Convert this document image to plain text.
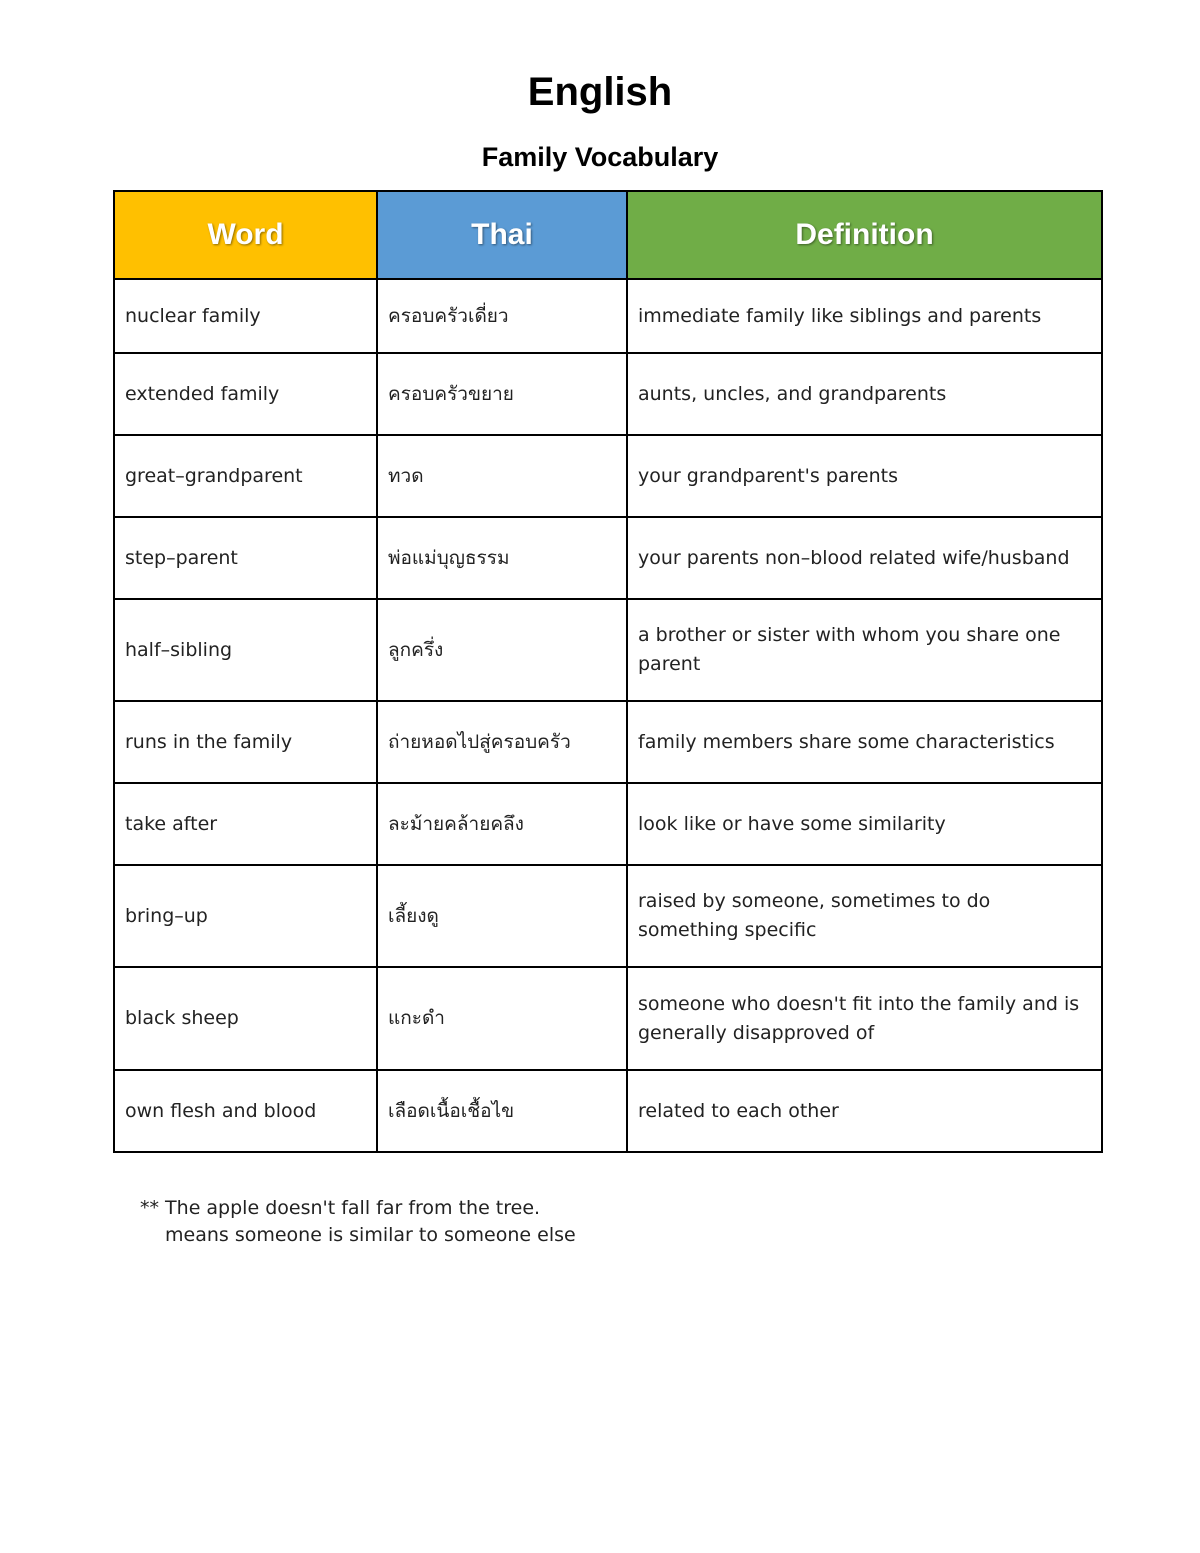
English
Family Vocabulary
Word	Thai	Definition
nuclear family	ครอบครัวเดี่ยว	immediate family like siblings and parents
extended family	ครอบครัวขยาย	aunts, uncles, and grandparents
great–grandparent	ทวด	your grandparent's parents
step–parent	พ่อแม่บุญธรรม	your parents non–blood related wife/husband
half–sibling	ลูกครึ่ง	a brother or sister with whom you share one parent
runs in the family	ถ่ายหอดไปสู่ครอบครัว	family members share some characteristics
take after	ละม้ายคล้ายคลึง	look like or have some similarity
bring–up	เลี้ยงดู	raised by someone, sometimes to do something specific
black sheep	แกะดำ	someone who doesn't fit into the family and is generally disapproved of
own flesh and blood	เลือดเนื้อเชื้อไข	related to each other
** The apple doesn't fall far from the tree.
means someone is similar to someone else
